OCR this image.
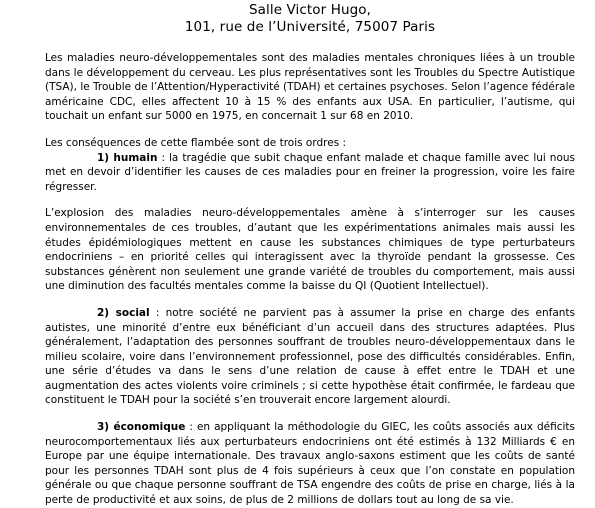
Salle Victor Hugo,
101, rue de l’Université, 75007 Paris

Les maladies neuro-développementales sont des maladies mentales chroniques liées à un trouble dans le développement du cerveau. Les plus représentatives sont les Troubles du Spectre Autistique (TSA), le Trouble de l’Attention/Hyperactivité (TDAH) et certaines psychoses. Selon l’agence fédérale américaine CDC, elles affectent 10 à 15 % des enfants aux USA. En particulier, l’autisme, qui touchait un enfant sur 5000 en 1975, en concernait 1 sur 68 en 2010.

Les conséquences de cette flambée sont de trois ordres :

1) humain : la tragédie que subit chaque enfant malade et chaque famille avec lui nous met en devoir d’identifier les causes de ces maladies pour en freiner la progression, voire les faire régresser.

L’explosion des maladies neuro-développementales amène à s’interroger sur les causes environnementales de ces troubles, d’autant que les expérimentations animales mais aussi les études épidémiologiques mettent en cause les substances chimiques de type perturbateurs endocriniens – en priorité celles qui interagissent avec la thyroïde pendant la grossesse. Ces substances génèrent non seulement une grande variété de troubles du comportement, mais aussi une diminution des facultés mentales comme la baisse du QI (Quotient Intellectuel).

2) social : notre société ne parvient pas à assumer la prise en charge des enfants autistes, une minorité d’entre eux bénéficiant d’un accueil dans des structures adaptées. Plus généralement, l’adaptation des personnes souffrant de troubles neuro-développementaux dans le milieu scolaire, voire dans l’environnement professionnel, pose des difficultés considérables. Enfin, une série d’études va dans le sens d’une relation de cause à effet entre le TDAH et une augmentation des actes violents voire criminels ; si cette hypothèse était confirmée, le fardeau que constituent le TDAH pour la société s’en trouverait encore largement alourdi.

3) économique : en appliquant la méthodologie du GIEC, les coûts associés aux déficits neurocomportementaux liés aux perturbateurs endocriniens ont été estimés à 132 Milliards € en Europe par une équipe internationale. Des travaux anglo-saxons estiment que les coûts de santé pour les personnes TDAH sont plus de 4 fois supérieurs à ceux que l’on constate en population générale ou que chaque personne souffrant de TSA engendre des coûts de prise en charge, liés à la perte de productivité et aux soins, de plus de 2 millions de dollars tout au long de sa vie.
